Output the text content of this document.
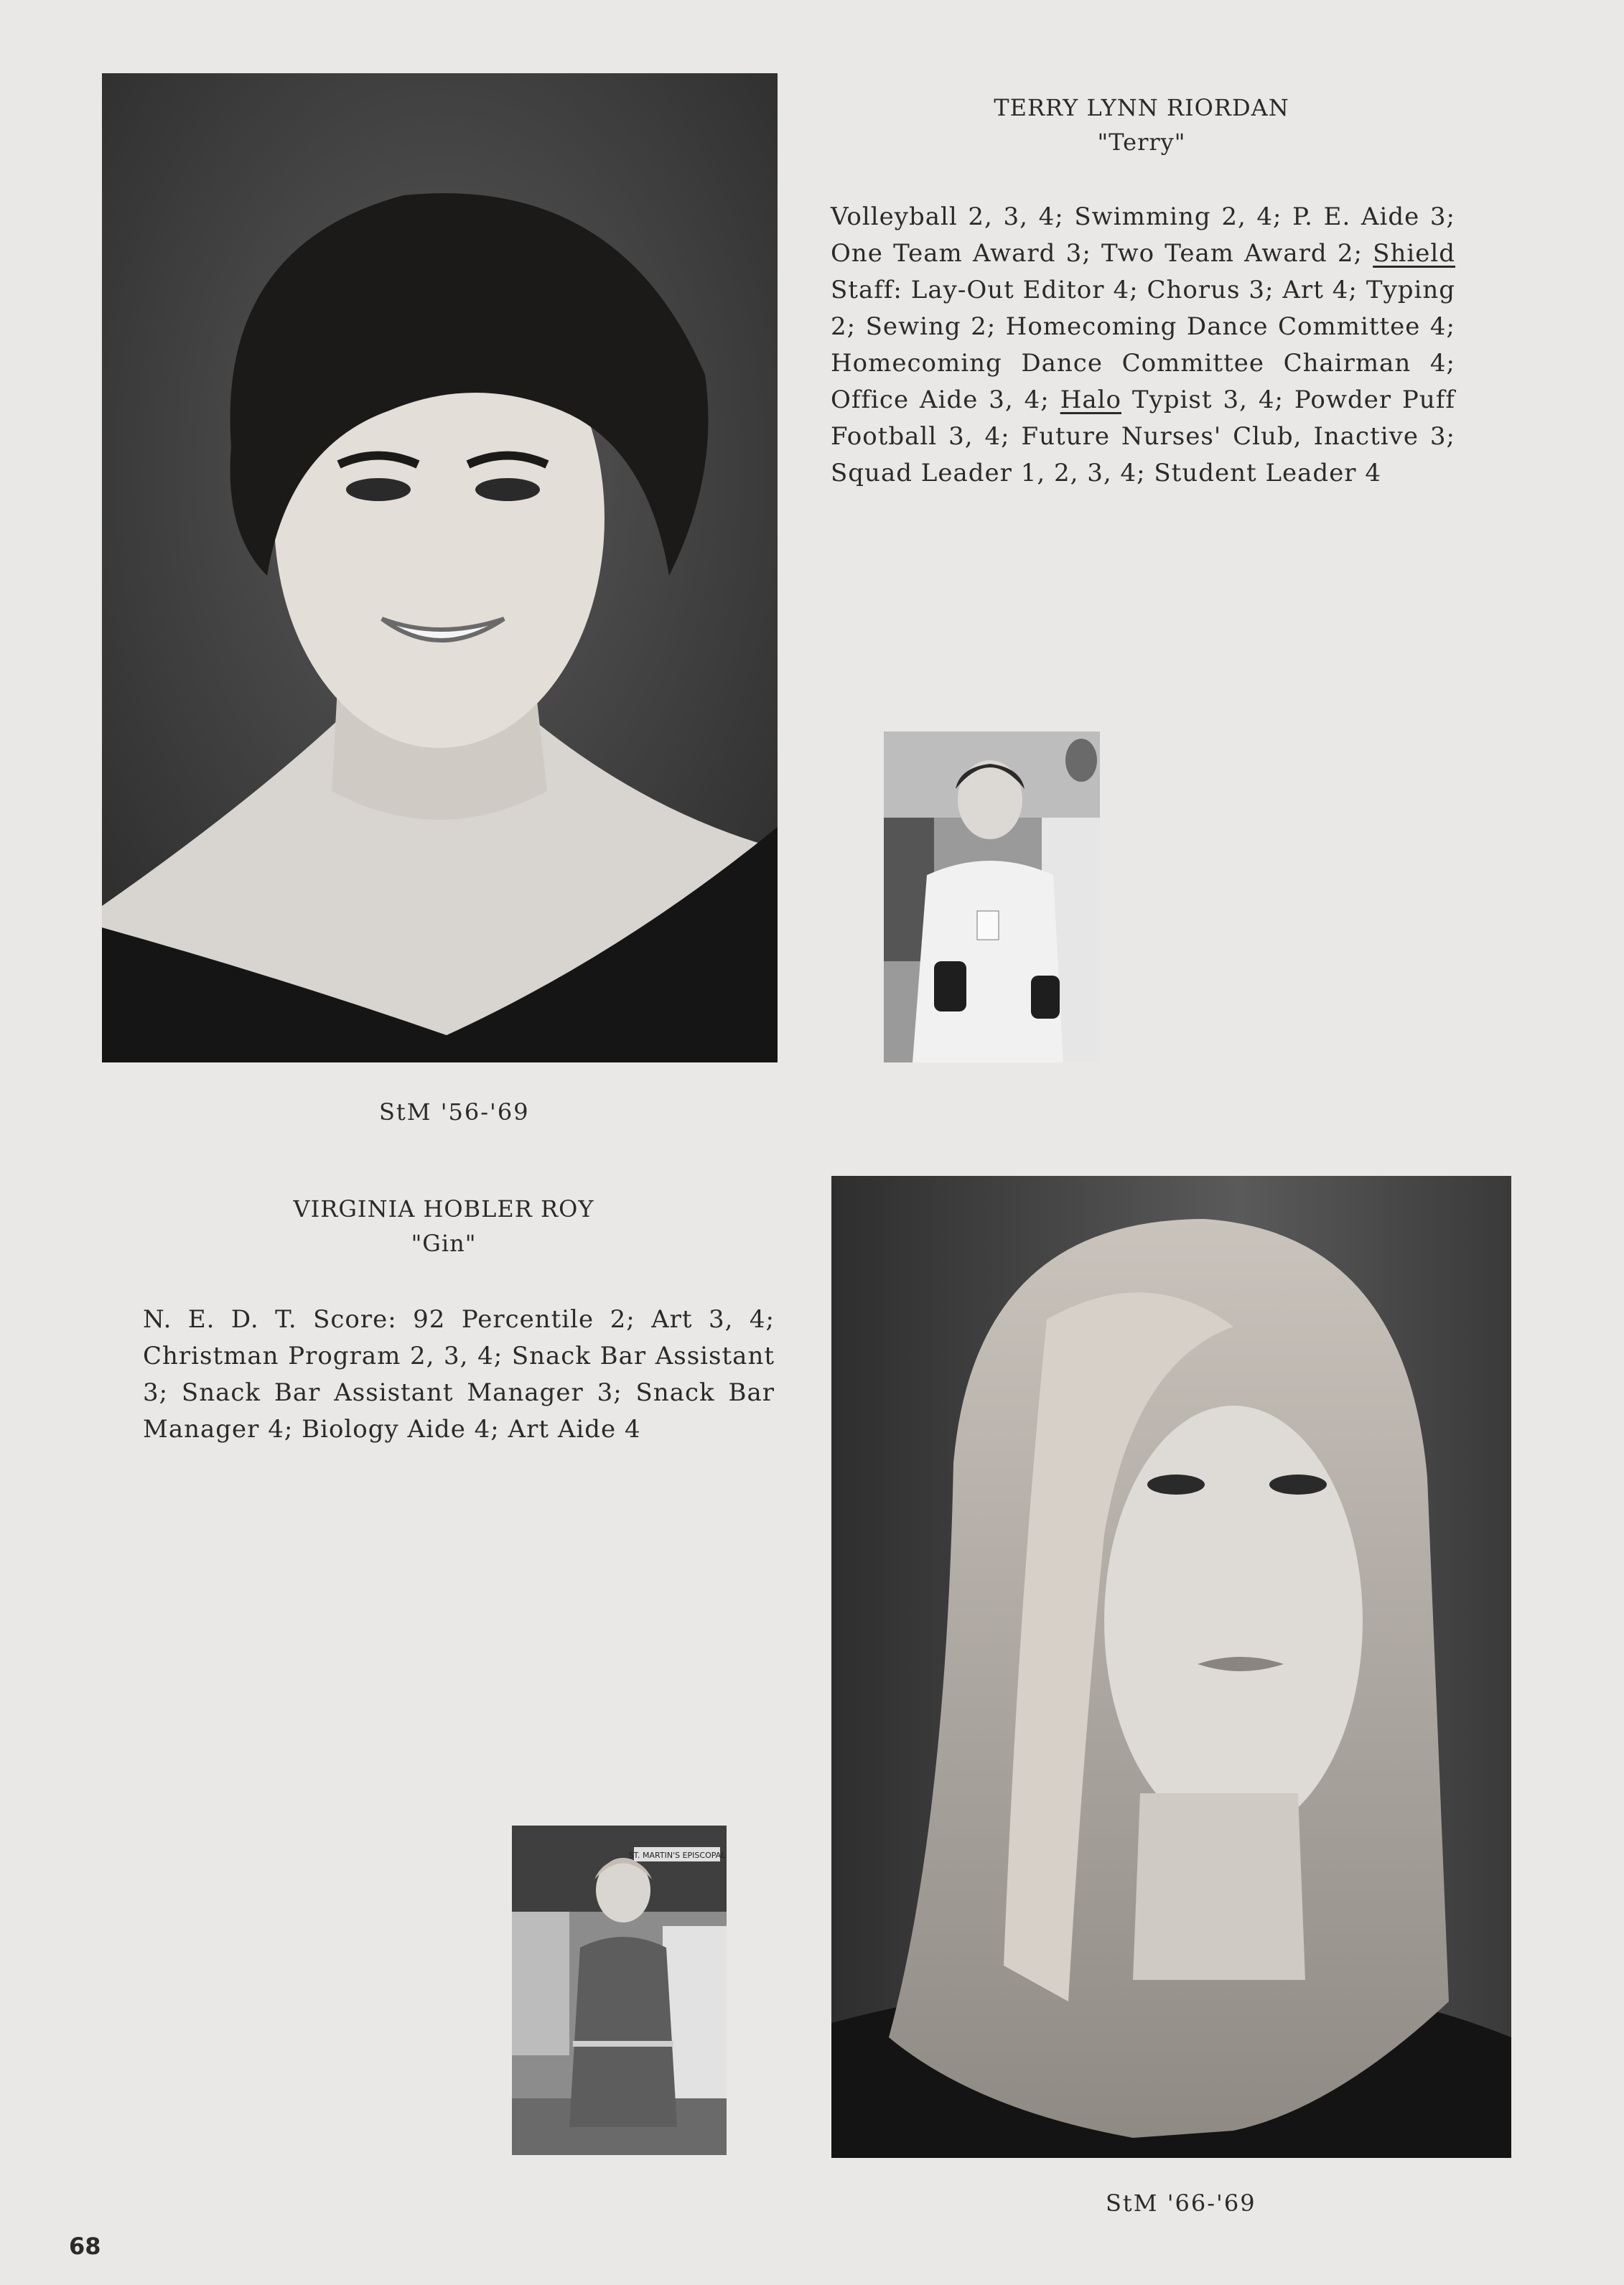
TERRY LYNN RIORDAN
"Terry"
Volleyball 2, 3, 4; Swimming 2, 4; P. E. Aide 3; One Team Award 3; Two Team Award 2; Shield Staff: Lay-Out Editor 4; Chorus 3; Art 4; Typing 2; Sewing 2; Homecoming Dance Committee 4; Homecoming Dance Committee Chairman 4; Office Aide 3, 4; Halo Typist 3, 4; Powder Puff Football 3, 4; Future Nurses' Club, Inactive 3; Squad Leader 1, 2, 3, 4; Student Leader 4
StM '56-'69
VIRGINIA HOBLER ROY
"Gin"
N. E. D. T. Score: 92 Percentile 2; Art 3, 4; Christman Program 2, 3, 4; Snack Bar Assistant 3; Snack Bar Assistant Manager 3; Snack Bar Manager 4; Biology Aide 4; Art Aide 4
ST. MARTIN'S EPISCOPAL
StM '66-'69
68
